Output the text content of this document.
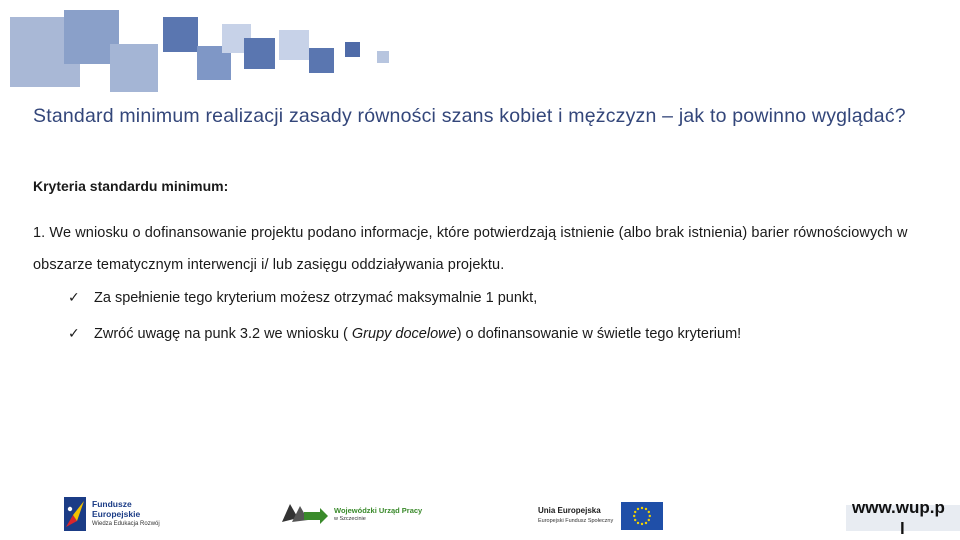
Standard minimum realizacji zasady równości szans kobiet i mężczyzn – jak to powinno wyglądać?
Kryteria standardu minimum:

1. We wniosku o dofinansowanie projektu podano informacje, które potwierdzają istnienie (albo brak istnienia) barier równościowych w obszarze tematycznym interwencji i/ lub zasięgu oddziaływania projektu.

✓ Za spełnienie tego kryterium możesz otrzymać maksymalnie 1 punkt,
✓ Zwróć uwagę na punk 3.2 we wniosku ( Grupy docelowe) o dofinansowanie w świetle tego kryterium!
Fundusze
Europejskie
Wiedza Edukacja Rozwój
Wojewódzki Urząd Pracy
w Szczecinie
Unia Europejska
Europejski Fundusz Społeczny
www.wup.p
l
